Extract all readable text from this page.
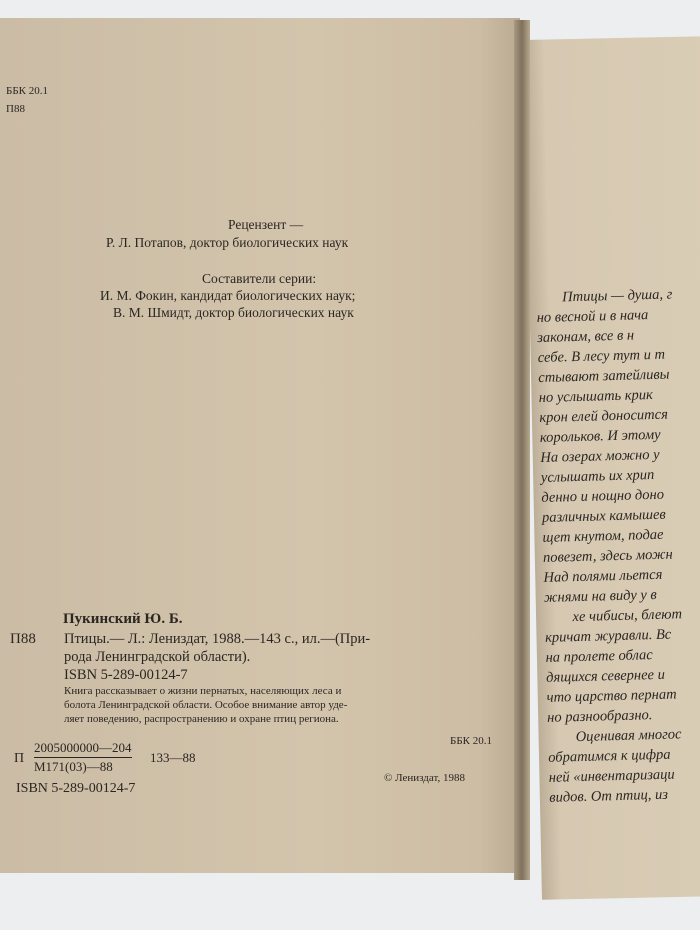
ББК 20.1
П88
Рецензент —
Р. Л. Потапов, доктор биологических наук
Составители серии:
И. М. Фокин, кандидат биологических наук;
В. М. Шмидт, доктор биологических наук
Пукинский Ю. Б.
П88 Птицы.— Л.: Лениздат, 1988.—143 с., ил.—(При-
рода Ленинградской области).
ISBN 5-289-00124-7
Книга рассказывает о жизни пернатых, населяющих леса и
болота Ленинградской области. Особое внимание автор уде-
ляет поведению, распространению и охране птиц региона.
П
2005000000—204
М171(03)—88
133—88
ББК 20.1
© Лениздат, 1988
ISBN 5-289-00124-7
Птицы — душа, г
но весной и в нача
законам, все в н
себе. В лесу тут и т
стывают затейливы
но услышать крик
крон елей доносится
корольков. И этому
На озерах можно у
услышать их хрип
денно и нощно доно
различных камышев
щет кнутом, подае
повезет, здесь можн
Над полями льется
жнями на виду у в
хе чибисы, блеют
кричат журавли. Вс
на пролете облас
дящихся севернее и
что царство пернат
но разнообразно.
Оценивая многос
обратимся к цифра
ней «инвентаризаци
видов. От птиц, из
